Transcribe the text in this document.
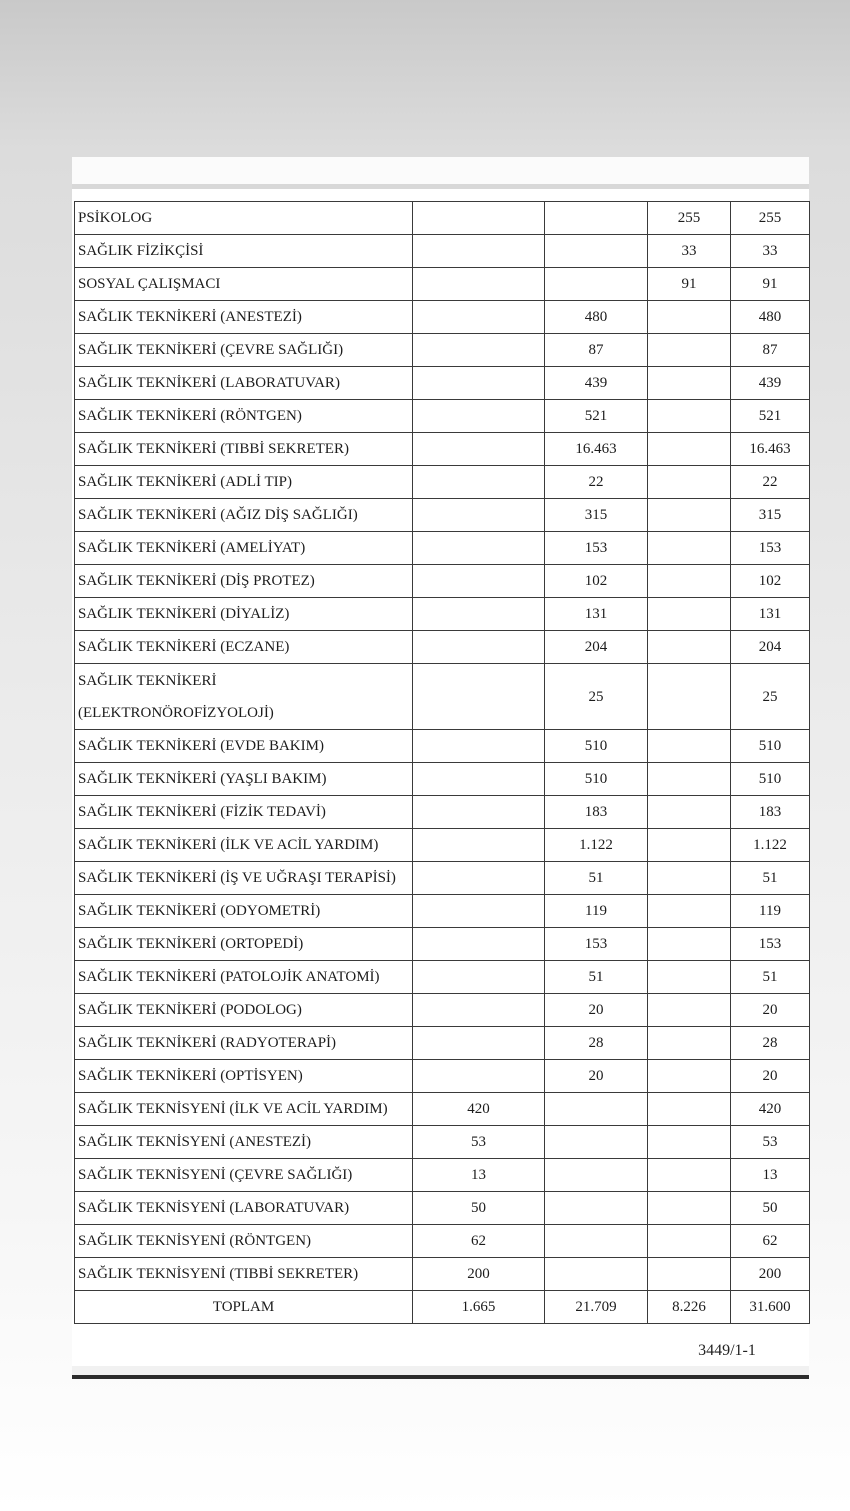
PSİKOLOG			255	255
SAĞLIK FİZİKÇİSİ			33	33
SOSYAL ÇALIŞMACI			91	91
SAĞLIK TEKNİKERİ (ANESTEZİ)		480		480
SAĞLIK TEKNİKERİ (ÇEVRE SAĞLIĞI)		87		87
SAĞLIK TEKNİKERİ (LABORATUVAR)		439		439
SAĞLIK TEKNİKERİ (RÖNTGEN)		521		521
SAĞLIK TEKNİKERİ (TIBBİ SEKRETER)		16.463		16.463
SAĞLIK TEKNİKERİ (ADLİ TIP)		22		22
SAĞLIK TEKNİKERİ (AĞIZ DİŞ SAĞLIĞI)		315		315
SAĞLIK TEKNİKERİ (AMELİYAT)		153		153
SAĞLIK TEKNİKERİ (DİŞ PROTEZ)		102		102
SAĞLIK TEKNİKERİ (DİYALİZ)		131		131
SAĞLIK TEKNİKERİ (ECZANE)		204		204
SAĞLIK TEKNİKERİ (ELEKTRONÖROFİZYOLOJİ)		25		25
SAĞLIK TEKNİKERİ (EVDE BAKIM)		510		510
SAĞLIK TEKNİKERİ (YAŞLI BAKIM)		510		510
SAĞLIK TEKNİKERİ (FİZİK TEDAVİ)		183		183
SAĞLIK TEKNİKERİ (İLK VE ACİL YARDIM)		1.122		1.122
SAĞLIK TEKNİKERİ (İŞ VE UĞRAŞI TERAPİSİ)		51		51
SAĞLIK TEKNİKERİ (ODYOMETRİ)		119		119
SAĞLIK TEKNİKERİ (ORTOPEDİ)		153		153
SAĞLIK TEKNİKERİ (PATOLOJİK ANATOMİ)		51		51
SAĞLIK TEKNİKERİ (PODOLOG)		20		20
SAĞLIK TEKNİKERİ (RADYOTERAPİ)		28		28
SAĞLIK TEKNİKERİ (OPTİSYEN)		20		20
SAĞLIK TEKNİSYENİ (İLK VE ACİL YARDIM)	420			420
SAĞLIK TEKNİSYENİ (ANESTEZİ)	53			53
SAĞLIK TEKNİSYENİ (ÇEVRE SAĞLIĞI)	13			13
SAĞLIK TEKNİSYENİ (LABORATUVAR)	50			50
SAĞLIK TEKNİSYENİ (RÖNTGEN)	62			62
SAĞLIK TEKNİSYENİ (TIBBİ SEKRETER)	200			200
TOPLAM	1.665	21.709	8.226	31.600
3449/1-1
